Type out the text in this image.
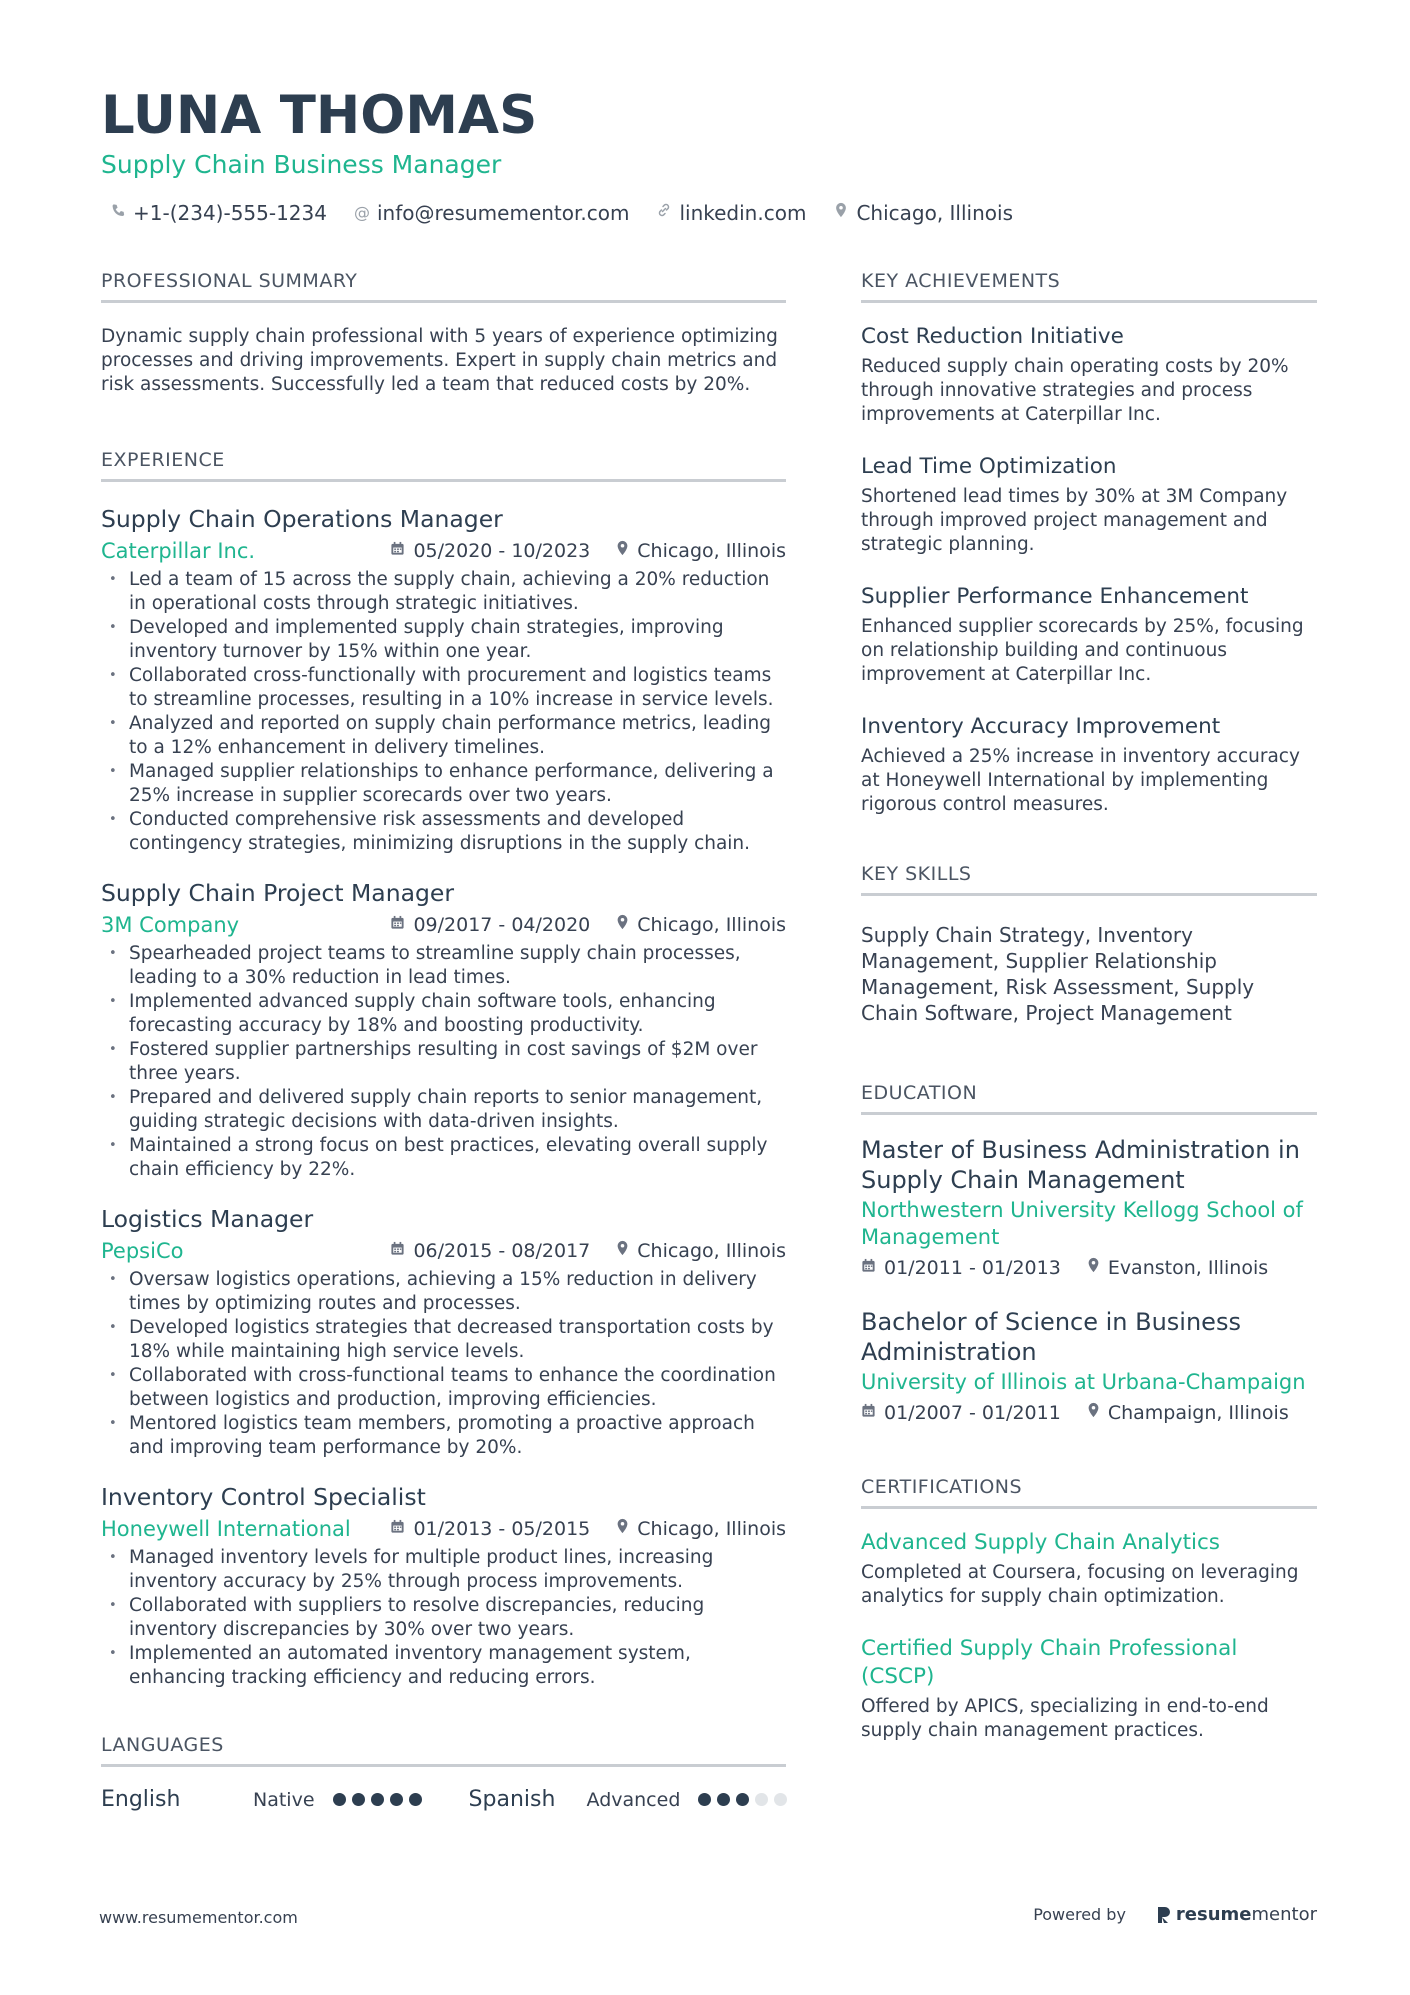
LUNA THOMAS
Supply Chain Business Manager
+1-(234)-555-1234 @ info@resumementor.com	linkedin.com	Chicago, Illinois
PROFESSIONAL SUMMARY
Dynamic supply chain professional with 5 years of experience optimizing processes and driving improvements. Expert in supply chain metrics and risk assessments. Successfully led a team that reduced costs by 20%.
EXPERIENCE
Supply Chain Operations Manager
Caterpillar Inc.	05/2020 - 10/2023 Chicago, Illinois
• Led a team of 15 across the supply chain, achieving a 20% reduction in operational costs through strategic initiatives.
• Developed and implemented supply chain strategies, improving inventory turnover by 15% within one year.
• Collaborated cross-functionally with procurement and logistics teams to streamline processes, resulting in a 10% increase in service levels.
• Analyzed and reported on supply chain performance metrics, leading to a 12% enhancement in delivery timelines.
• Managed supplier relationships to enhance performance, delivering a 25% increase in supplier scorecards over two years.
• Conducted comprehensive risk assessments and developed contingency strategies, minimizing disruptions in the supply chain.
Supply Chain Project Manager
3M Company	09/2017 - 04/2020 Chicago, Illinois
• Spearheaded project teams to streamline supply chain processes, leading to a 30% reduction in lead times.
• Implemented advanced supply chain software tools, enhancing forecasting accuracy by 18% and boosting productivity.
• Fostered supplier partnerships resulting in cost savings of $2M over three years.
• Prepared and delivered supply chain reports to senior management, guiding strategic decisions with data-driven insights.
• Maintained a strong focus on best practices, elevating overall supply chain efficiency by 22%.
Logistics Manager
PepsiCo	06/2015 - 08/2017 Chicago, Illinois
• Oversaw logistics operations, achieving a 15% reduction in delivery times by optimizing routes and processes.
• Developed logistics strategies that decreased transportation costs by 18% while maintaining high service levels.
• Collaborated with cross-functional teams to enhance the coordination between logistics and production, improving efficiencies.
• Mentored logistics team members, promoting a proactive approach and improving team performance by 20%.
Inventory Control Specialist
Honeywell International	01/2013 - 05/2015 Chicago, Illinois
• Managed inventory levels for multiple product lines, increasing inventory accuracy by 25% through process improvements.
• Collaborated with suppliers to resolve discrepancies, reducing inventory discrepancies by 30% over two years.
• Implemented an automated inventory management system, enhancing tracking efficiency and reducing errors.
LANGUAGES
English	Native	Spanish	Advanced
KEY ACHIEVEMENTS
Cost Reduction Initiative
Reduced supply chain operating costs by 20% through innovative strategies and process improvements at Caterpillar Inc.
Lead Time Optimization
Shortened lead times by 30% at 3M Company through improved project management and strategic planning.
Supplier Performance Enhancement
Enhanced supplier scorecards by 25%, focusing on relationship building and continuous improvement at Caterpillar Inc.
Inventory Accuracy Improvement
Achieved a 25% increase in inventory accuracy at Honeywell International by implementing rigorous control measures.
KEY SKILLS
Supply Chain Strategy, Inventory Management, Supplier Relationship Management, Risk Assessment, Supply Chain Software, Project Management
EDUCATION
Master of Business Administration in Supply Chain Management
Northwestern University Kellogg School of Management
01/2011 - 01/2013 Evanston, Illinois
Bachelor of Science in Business Administration
University of Illinois at Urbana-Champaign
01/2007 - 01/2011 Champaign, Illinois
CERTIFICATIONS
Advanced Supply Chain Analytics
Completed at Coursera, focusing on leveraging analytics for supply chain optimization.
Certified Supply Chain Professional (CSCP)
Offered by APICS, specializing in end-to-end supply chain management practices.
www.resumementor.com	Powered by	resume mentor
